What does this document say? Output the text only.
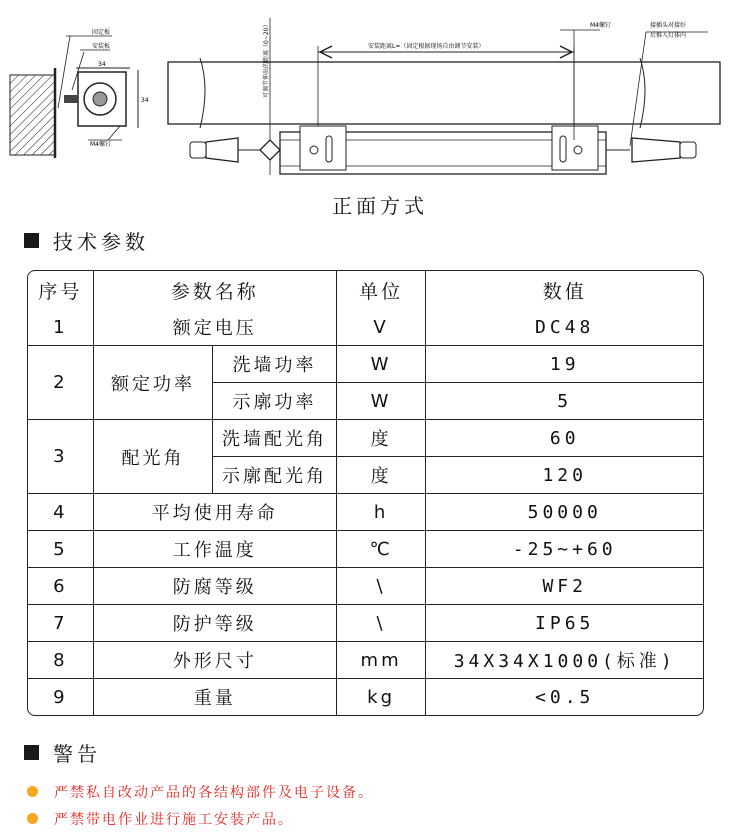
固定板
安装板
34
34
M4螺钉
可调节伸出的距离（0~20）	安装距离L=（固定根据现场自由调节安装）
M4螺钉	接插头对接好
后推入灯体内
正面方式
技术参数
序号	参数名称		单位	数值
1	额定电压		V	DC48
2	额定功率	洗墙功率	W	19
		示廓功率	W	5
3	配光角	洗墙配光角	度	60
		示廓配光角	度	120
4	平均使用寿命		h	50000
5	工作温度		℃	-25~+60
6	防腐等级		\	WF2
7	防护等级		\	IP65
8	外形尺寸		mm	34X34X1000(标准)
9	重量		kg	<0.5
警告
严禁私自改动产品的各结构部件及电子设备。
严禁带电作业进行施工安装产品。
